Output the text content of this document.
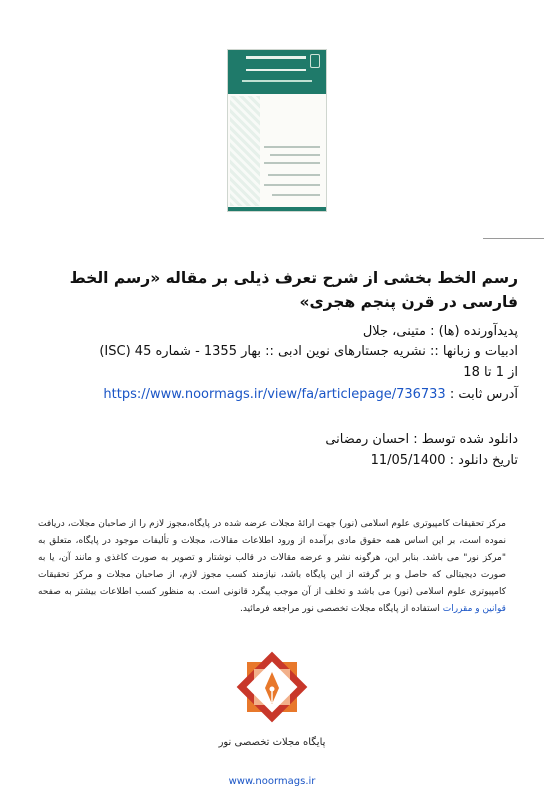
رسم الخط بخشی از شرح تعرف ذیلی بر مقاله «رسم الخط فارسی در قرن پنجم هجری»
پدیدآورنده (ها) : متینی، جلال
ادبیات و زبانها :: نشریه جستارهای نوین ادبی :: بهار 1355 - شماره 45 (ISC)
از 1 تا 18
آدرس ثابت : https://www.noormags.ir/view/fa/articlepage/736733
دانلود شده توسط : احسان رمضانی
تاریخ دانلود : 11/05/1400
مرکز تحقیقات کامپیوتری علوم اسلامی (نور) جهت ارائهٔ مجلات عرضه شده در پایگاه،مجوز لازم را از صاحبان مجلات، دریافت نموده است، بر این اساس همه حقوق مادی برآمده از ورود اطلاعات مقالات، مجلات و تألیفات موجود در پایگاه، متعلق به "مرکز نور" می باشد. بنابر این، هرگونه نشر و عرضه مقالات در قالب نوشتار و تصویر به صورت کاغذی و مانند آن، یا به صورت دیجیتالی که حاصل و بر گرفته از این پایگاه باشد، نیازمند کسب مجوز لازم، از صاحبان مجلات و مرکز تحقیقات کامپیوتری علوم اسلامی (نور) می باشد و تخلف از آن موجب پیگرد قانونی است. به منظور کسب اطلاعات بیشتر به صفحه قوانین و مقررات استفاده از پایگاه مجلات تخصصی نور مراجعه فرمائید.
پایگاه مجلات تخصصی نور
www.noormags.ir
